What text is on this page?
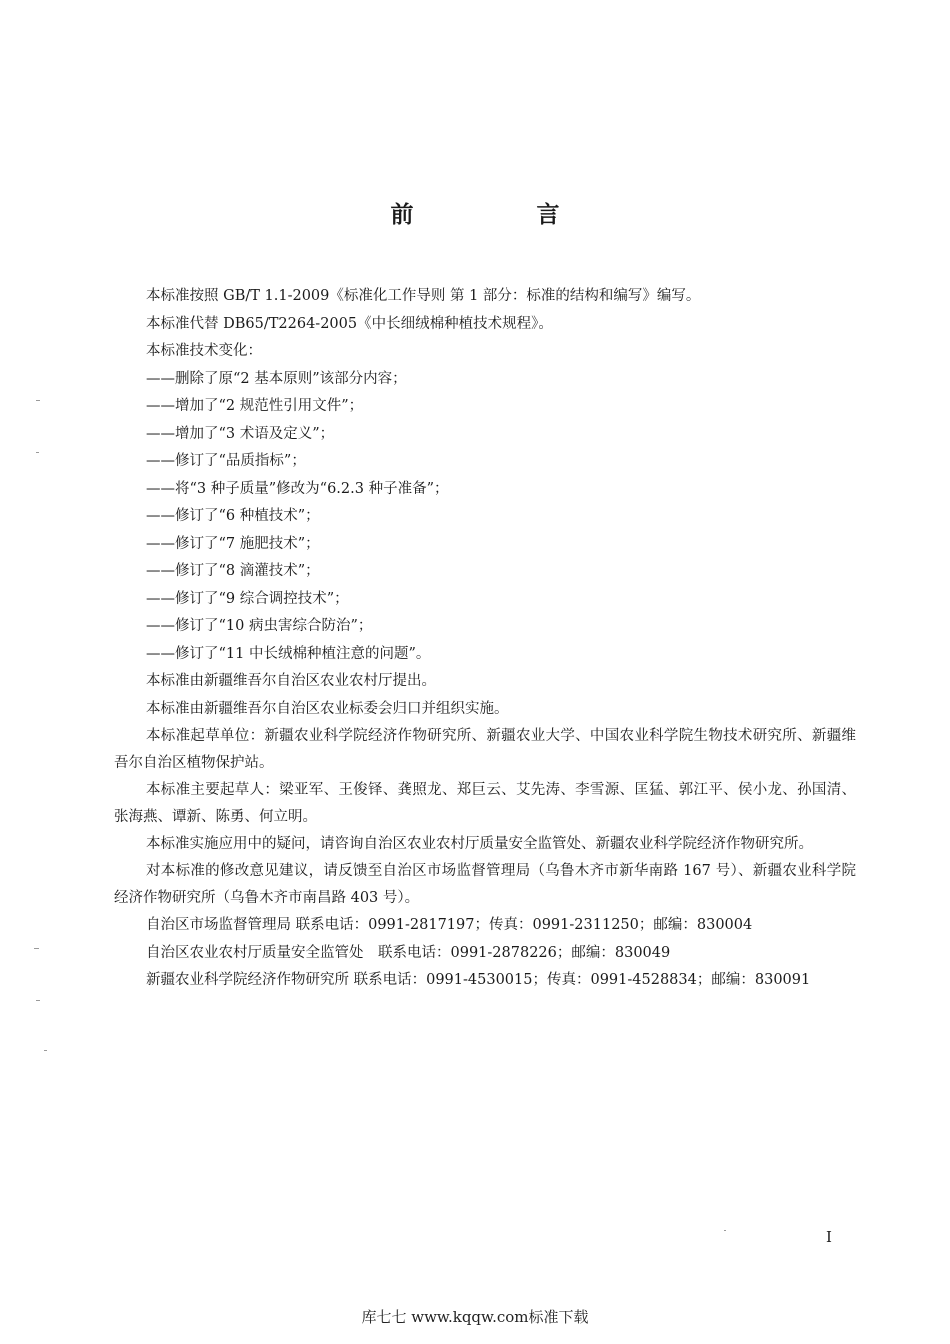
前　言

本标准按照 GB/T 1.1-2009《标准化工作导则 第 1 部分：标准的结构和编写》编写。

本标准代替 DB65/T2264-2005《中长细绒棉种植技术规程》。

本标准技术变化：

——删除了原“2 基本原则”该部分内容；

——增加了“2 规范性引用文件”；

——增加了“3 术语及定义”；

——修订了“品质指标”；

——将“3 种子质量”修改为“6.2.3 种子准备”；

——修订了“6 种植技术”；

——修订了“7 施肥技术”；

——修订了“8 滴灌技术”；

——修订了“9 综合调控技术”；

——修订了“10 病虫害综合防治”；

——修订了“11 中长绒棉种植注意的问题”。

本标准由新疆维吾尔自治区农业农村厅提出。

本标准由新疆维吾尔自治区农业标委会归口并组织实施。

本标准起草单位：新疆农业科学院经济作物研究所、新疆农业大学、中国农业科学院生物技术研究所、新疆维吾尔自治区植物保护站。

本标准主要起草人：梁亚军、王俊铎、龚照龙、郑巨云、艾先涛、李雪源、匡猛、郭江平、侯小龙、孙国清、张海燕、谭新、陈勇、何立明。

本标准实施应用中的疑问，请咨询自治区农业农村厅质量安全监管处、新疆农业科学院经济作物研究所。

对本标准的修改意见建议，请反馈至自治区市场监督管理局（乌鲁木齐市新华南路 167 号）、新疆农业科学院经济作物研究所（乌鲁木齐市南昌路 403 号）。

自治区市场监督管理局 联系电话：0991-2817197；传真：0991-2311250；邮编：830004

自治区农业农村厅质量安全监管处　联系电话：0991-2878226；邮编：830049

新疆农业科学院经济作物研究所 联系电话：0991-4530015；传真：0991-4528834；邮编：830091

I
库七七 www.kqqw.com标准下载
